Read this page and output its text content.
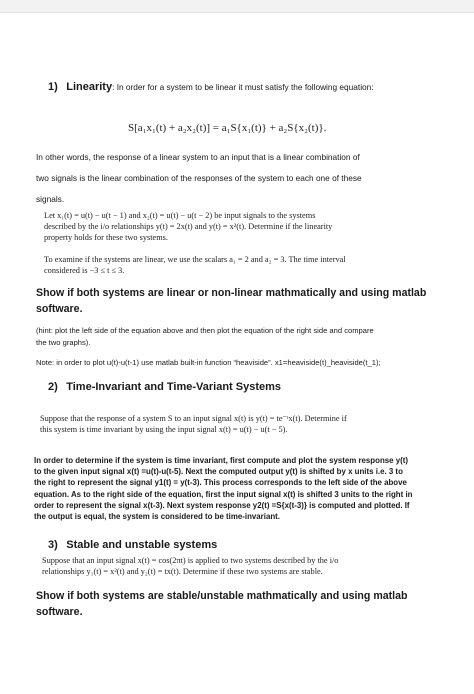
1) Linearity: In order for a system to be linear it must satisfy the following equation:
S[a₁x₁(t) + a₂x₂(t)] = a₁S{x₁(t)} + a₂S{x₂(t)}.
In other words, the response of a linear system to an input that is a linear combination of
two signals is the linear combination of the responses of the system to each one of these
signals.
Let x₁(t) = u(t) − u(t − 1) and x₂(t) = u(t) − u(t − 2) be input signals to the systems
described by the i/o relationships y(t) = 2x(t) and y(t) = x²(t). Determine if the linearity
property holds for these two systems.
To examine if the systems are linear, we use the scalars a₁ = 2 and a₂ = 3. The time interval
considered is −3 ≤ t ≤ 3.
Show if both systems are linear or non-linear mathmatically and using matlab
software.
(hint: plot the left side of the equation above and then plot the equation of the right side and compare
the two graphs).
Note: in order to plot u(t)-u(t-1) use matlab built-in function “heaviside”. x1=heaviside(t)_heaviside(t_1);
2) Time-Invariant and Time-Variant Systems
Suppose that the response of a system S to an input signal x(t) is y(t) = te⁻ᵗx(t). Determine if
this system is time invariant by using the input signal x(t) = u(t) − u(t − 5).
In order to determine if the system is time invariant, first compute and plot the system response y(t)
to the given input signal x(t) =u(t)-u(t-5). Next the computed output y(t) is shifted by x units i.e. 3 to
the right to represent the signal y1(t) = y(t-3). This process corresponds to the left side of the above
equation. As to the right side of the equation, first the input signal x(t) is shifted 3 units to the right in
order to represent the signal x(t-3). Next system response y2(t) =S{x(t-3)} is computed and plotted. If
the output is equal, the system is considered to be time-invariant.
3) Stable and unstable systems
Suppose that an input signal x(t) = cos(2πt) is applied to two systems described by the i/o
relationships y₁(t) = x²(t) and y₂(t) = tx(t). Determine if these two systems are stable.
Show if both systems are stable/unstable mathmatically and using matlab
software.
